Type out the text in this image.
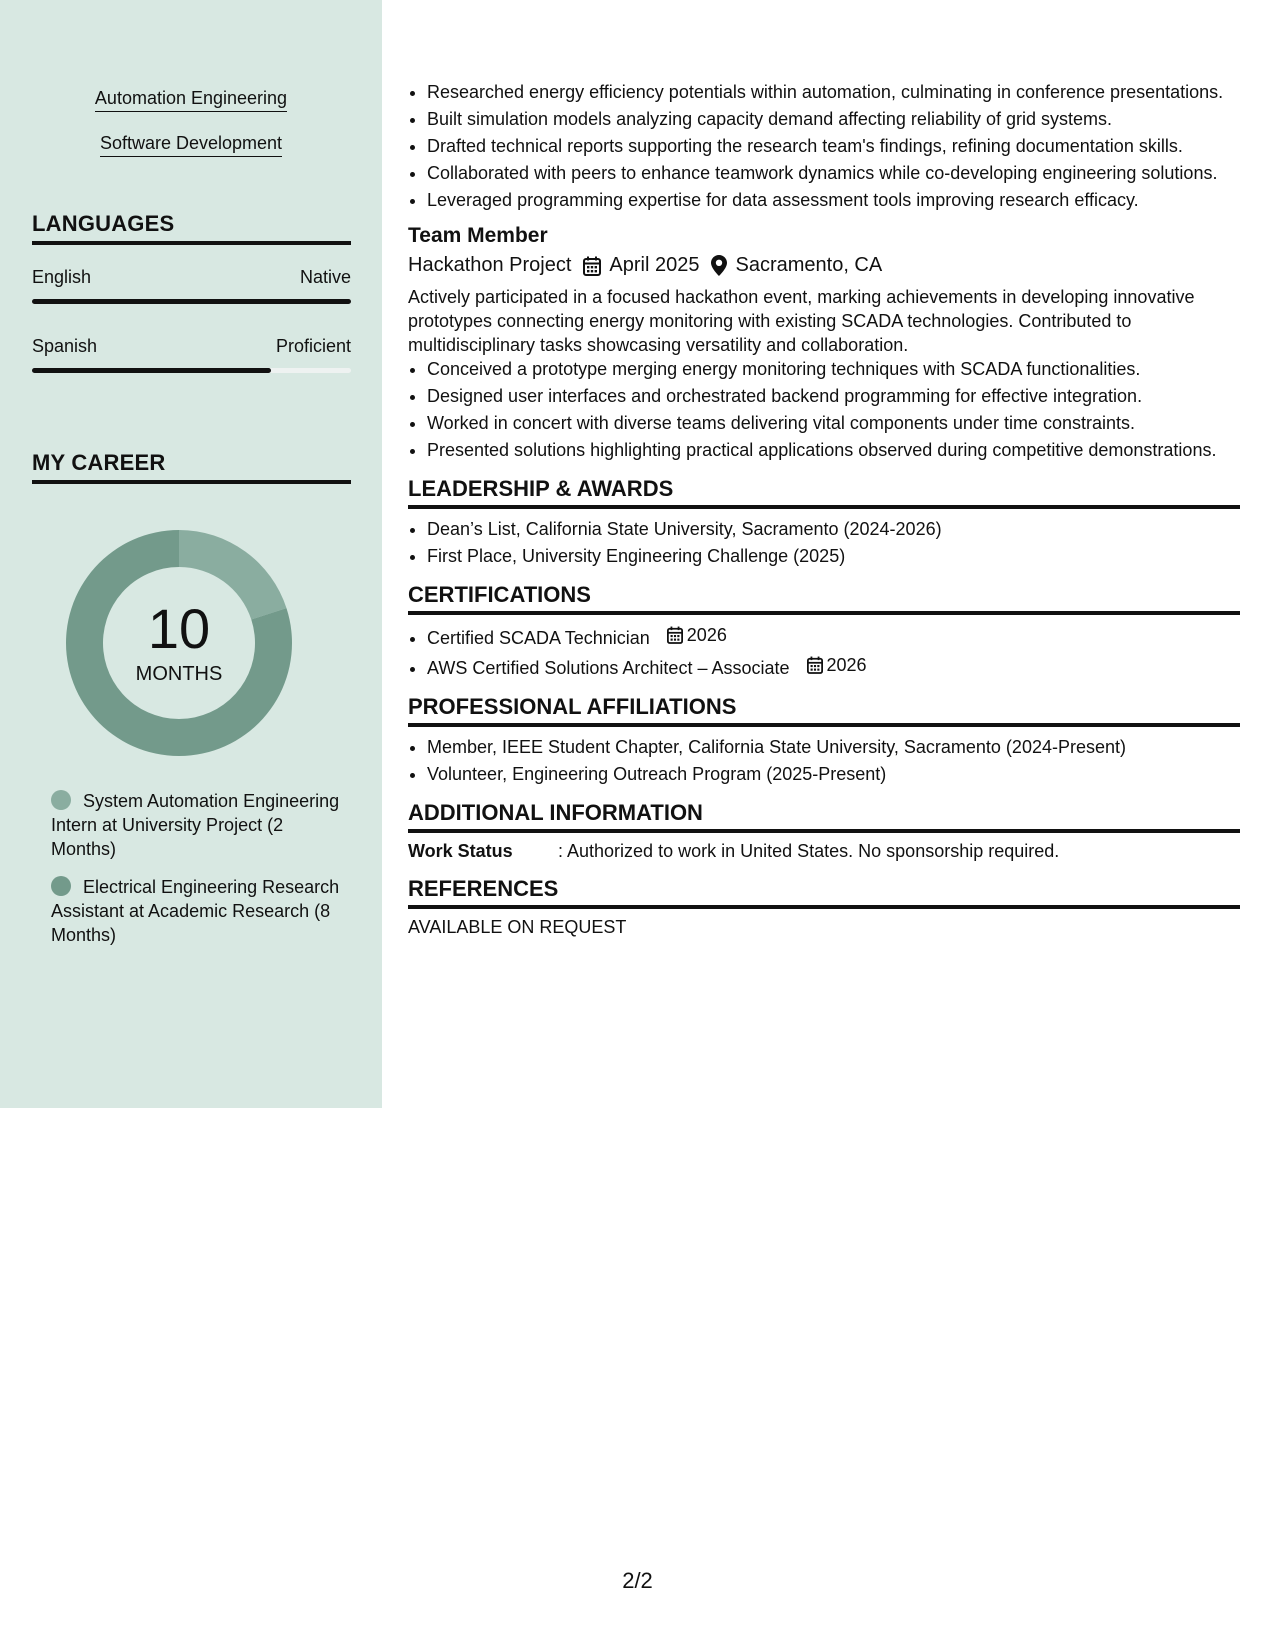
Automation Engineering
Software Development
LANGUAGES
English	Native
Spanish	Proficient
MY CAREER
10
MONTHS
System Automation Engineering Intern at University Project (2 Months)
Electrical Engineering Research Assistant at Academic Research (8 Months)
• Researched energy efficiency potentials within automation, culminating in conference presentations.
• Built simulation models analyzing capacity demand affecting reliability of grid systems.
• Drafted technical reports supporting the research team's findings, refining documentation skills.
• Collaborated with peers to enhance teamwork dynamics while co-developing engineering solutions.
• Leveraged programming expertise for data assessment tools improving research efficacy.
Team Member
Hackathon Project April 2025 Sacramento, CA
Actively participated in a focused hackathon event, marking achievements in developing innovative prototypes connecting energy monitoring with existing SCADA technologies. Contributed to multidisciplinary tasks showcasing versatility and collaboration.
• Conceived a prototype merging energy monitoring techniques with SCADA functionalities.
• Designed user interfaces and orchestrated backend programming for effective integration.
• Worked in concert with diverse teams delivering vital components under time constraints.
• Presented solutions highlighting practical applications observed during competitive demonstrations.
LEADERSHIP & AWARDS
• Dean’s List, California State University, Sacramento (2024-2026)
• First Place, University Engineering Challenge (2025)
CERTIFICATIONS
• Certified SCADA Technician 2026
• AWS Certified Solutions Architect – Associate 2026
PROFESSIONAL AFFILIATIONS
• Member, IEEE Student Chapter, California State University, Sacramento (2024-Present)
• Volunteer, Engineering Outreach Program (2025-Present)
ADDITIONAL INFORMATION
Work Status	: Authorized to work in United States. No sponsorship required.
REFERENCES
AVAILABLE ON REQUEST
2/2
